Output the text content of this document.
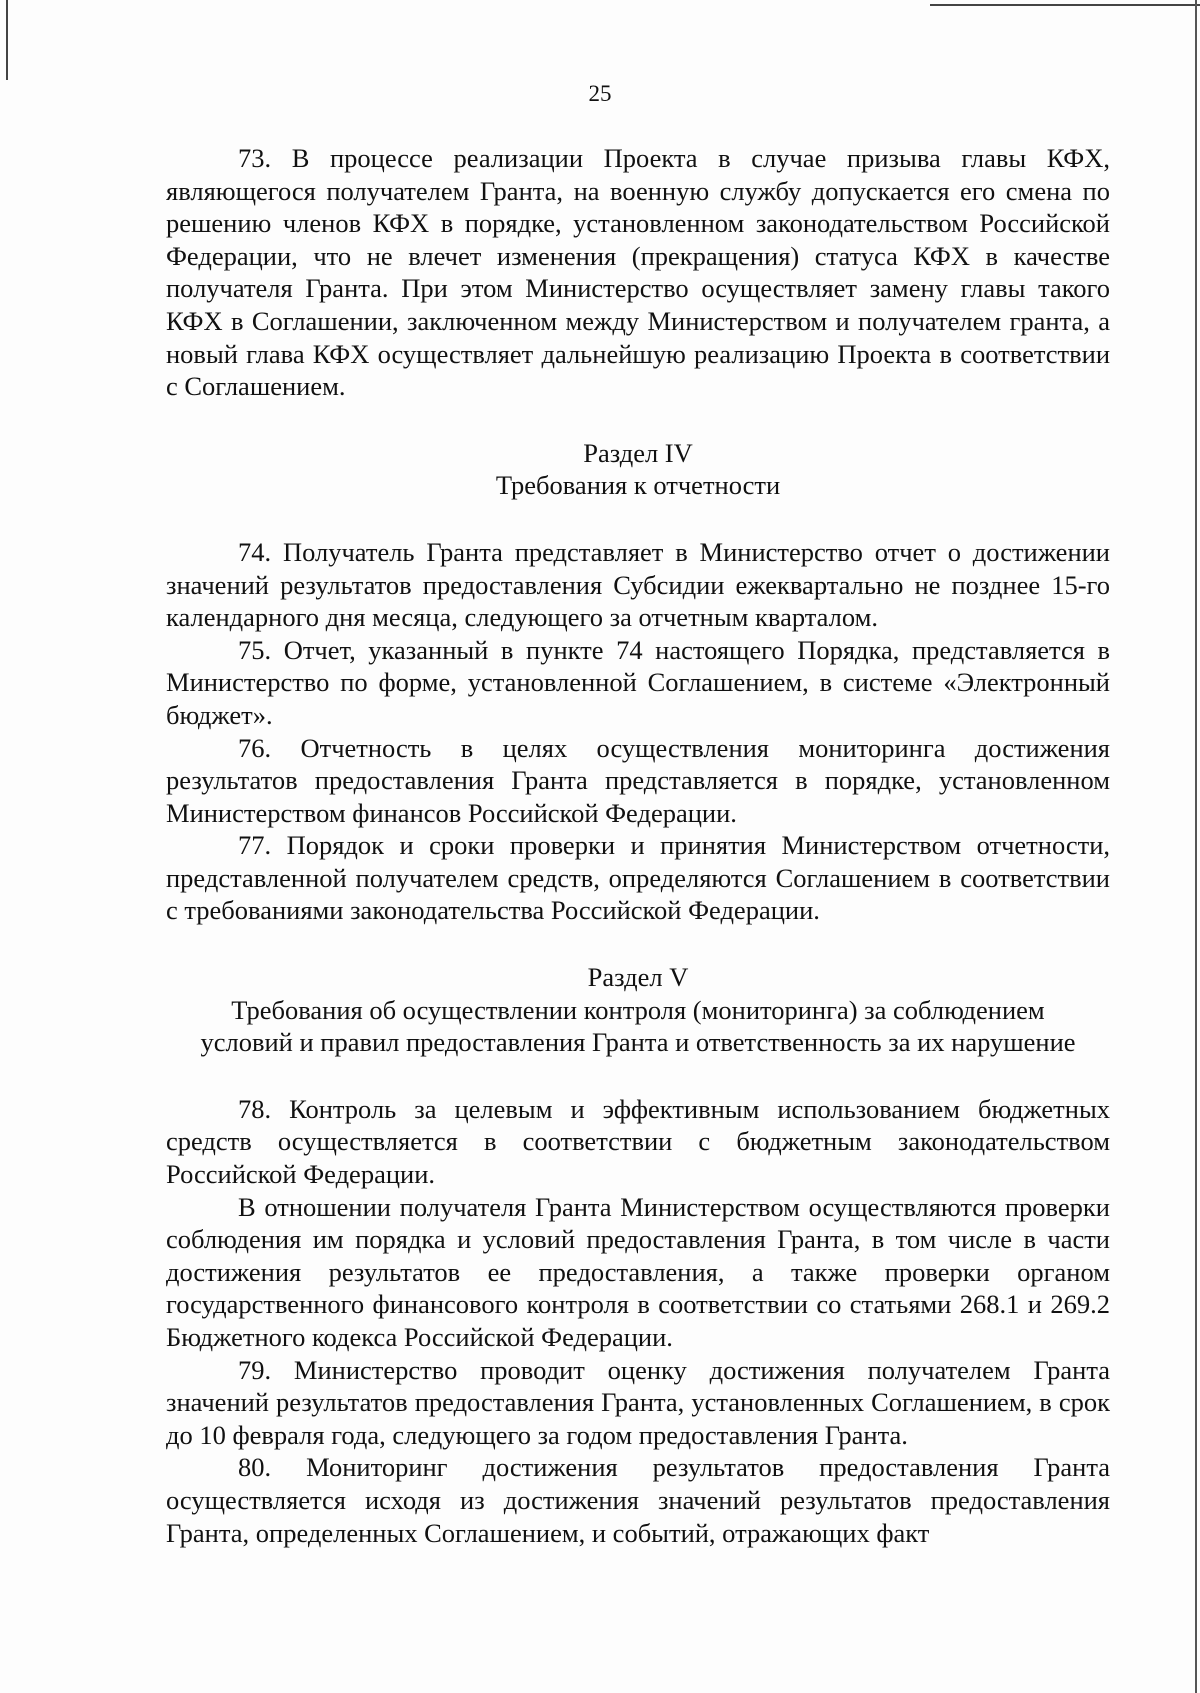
25

73. В процессе реализации Проекта в случае призыва главы КФХ, являющегося получателем Гранта, на военную службу допускается его смена по решению членов КФХ в порядке, установленном законодательством Российской Федерации, что не влечет изменения (прекращения) статуса КФХ в качестве получателя Гранта. При этом Министерство осуществляет замену главы такого КФХ в Соглашении, заключенном между Министерством и получателем гранта, а новый глава КФХ осуществляет дальнейшую реализацию Проекта в соответствии с Соглашением.

Раздел IV

Требования к отчетности

74. Получатель Гранта представляет в Министерство отчет о достижении значений результатов предоставления Субсидии ежеквартально не позднее 15-го календарного дня месяца, следующего за отчетным кварталом.

75. Отчет, указанный в пункте 74 настоящего Порядка, представляется в Министерство по форме, установленной Соглашением, в системе «Электронный бюджет».

76. Отчетность в целях осуществления мониторинга достижения результатов предоставления Гранта представляется в порядке, установленном Министерством финансов Российской Федерации.

77. Порядок и сроки проверки и принятия Министерством отчетности, представленной получателем средств, определяются Соглашением в соответствии с требованиями законодательства Российской Федерации.

Раздел V

Требования об осуществлении контроля (мониторинга) за соблюдением

условий и правил предоставления Гранта и ответственность за их нарушение

78. Контроль за целевым и эффективным использованием бюджетных средств осуществляется в соответствии с бюджетным законодательством Российской Федерации.

В отношении получателя Гранта Министерством осуществляются проверки соблюдения им порядка и условий предоставления Гранта, в том числе в части достижения результатов ее предоставления, а также проверки органом государственного финансового контроля в соответствии со статьями 268.1 и 269.2 Бюджетного кодекса Российской Федерации.

79. Министерство проводит оценку достижения получателем Гранта значений результатов предоставления Гранта, установленных Соглашением, в срок до 10 февраля года, следующего за годом предоставления Гранта.

80. Мониторинг достижения результатов предоставления Гранта осуществляется исходя из достижения значений результатов предоставления Гранта, определенных Соглашением, и событий, отражающих факт
